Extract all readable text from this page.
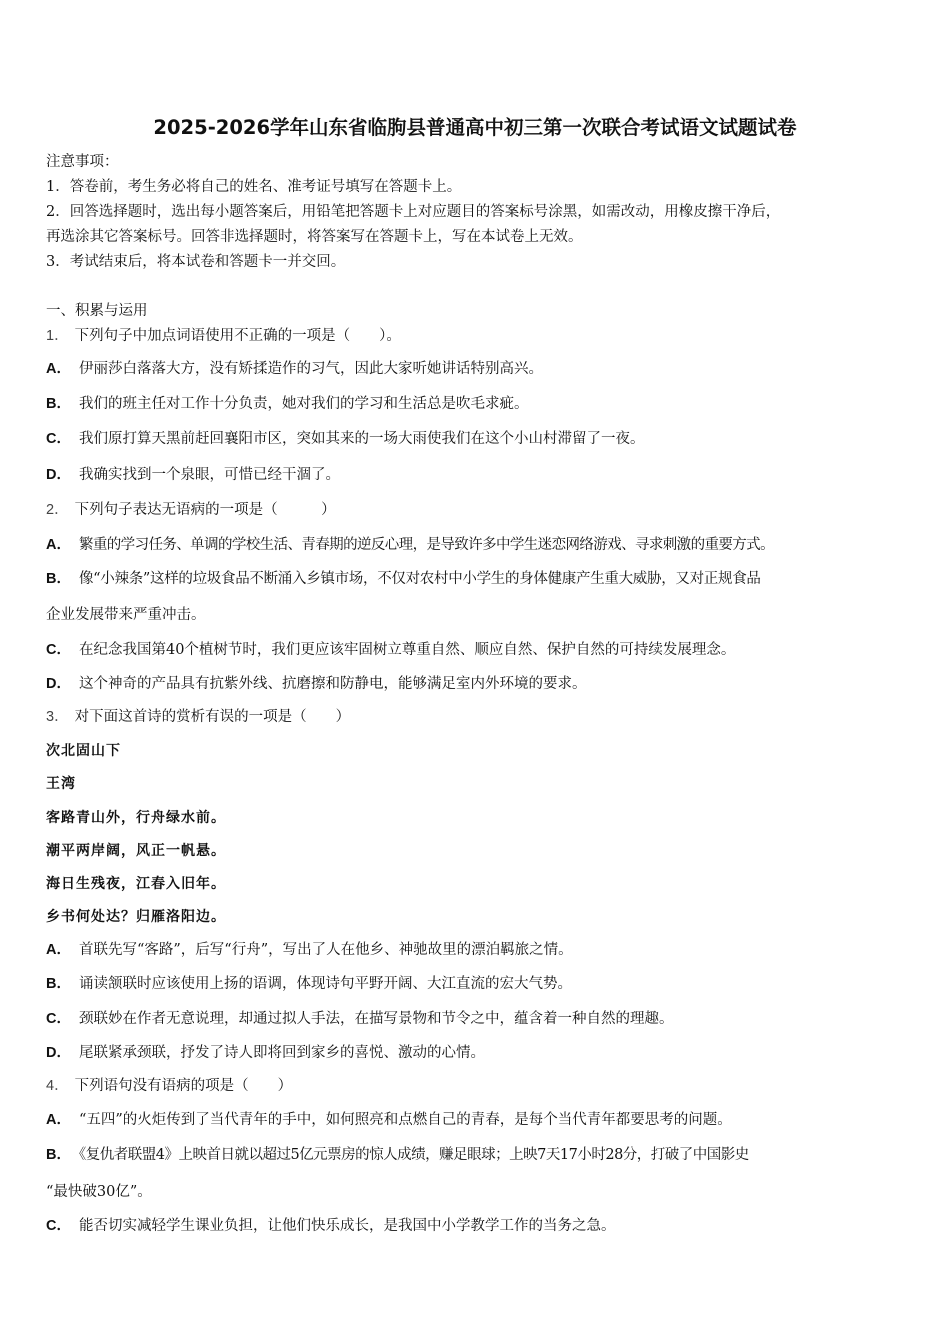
2025-2026学年山东省临朐县普通高中初三第一次联合考试语文试题试卷
注意事项：
1．答卷前，考生务必将自己的姓名、准考证号填写在答题卡上。
2．回答选择题时，选出每小题答案后，用铅笔把答题卡上对应题目的答案标号涂黑，如需改动，用橡皮擦干净后，
再选涂其它答案标号。回答非选择题时，将答案写在答题卡上，写在本试卷上无效。
3．考试结束后，将本试卷和答题卡一并交回。
一、积累与运用
1． 下列句子中加点词语使用不正确的一项是（　　）。
A． 伊丽莎白落落大方，没有矫揉造作的习气，因此大家听她讲话特别高兴。
B． 我们的班主任对工作十分负责，她对我们的学习和生活总是吹毛求疵。
C． 我们原打算天黑前赶回襄阳市区，突如其来的一场大雨使我们在这个小山村滞留了一夜。
D． 我确实找到一个泉眼，可惜已经干涸了。
2． 下列句子表达无语病的一项是（　　　）
A． 繁重的学习任务、单调的学校生活、青春期的逆反心理，是导致许多中学生迷恋网络游戏、寻求刺激的重要方式。
B． 像“小辣条”这样的垃圾食品不断涌入乡镇市场，不仅对农村中小学生的身体健康产生重大威胁，又对正规食品
企业发展带来严重冲击。
C． 在纪念我国第40个植树节时，我们更应该牢固树立尊重自然、顺应自然、保护自然的可持续发展理念。
D． 这个神奇的产品具有抗紫外线、抗磨擦和防静电，能够满足室内外环境的要求。
3． 对下面这首诗的赏析有误的一项是（　　）
次北固山下
王湾
客路青山外，行舟绿水前。
潮平两岸阔，风正一帆悬。
海日生残夜，江春入旧年。
乡书何处达？归雁洛阳边。
A． 首联先写“客路”，后写“行舟”，写出了人在他乡、神驰故里的漂泊羁旅之情。
B． 诵读颔联时应该使用上扬的语调，体现诗句平野开阔、大江直流的宏大气势。
C． 颈联妙在作者无意说理，却通过拟人手法，在描写景物和节令之中，蕴含着一种自然的理趣。
D． 尾联紧承颈联，抒发了诗人即将回到家乡的喜悦、激动的心情。
4． 下列语句没有语病的项是（　　）
A． “五四”的火炬传到了当代青年的手中，如何照亮和点燃自己的青春，是每个当代青年都要思考的问题。
B． 《复仇者联盟4》上映首日就以超过5亿元票房的惊人成绩，赚足眼球；上映7天17小时28分，打破了中国影史
“最快破30亿”。
C． 能否切实减轻学生课业负担，让他们快乐成长，是我国中小学教学工作的当务之急。
